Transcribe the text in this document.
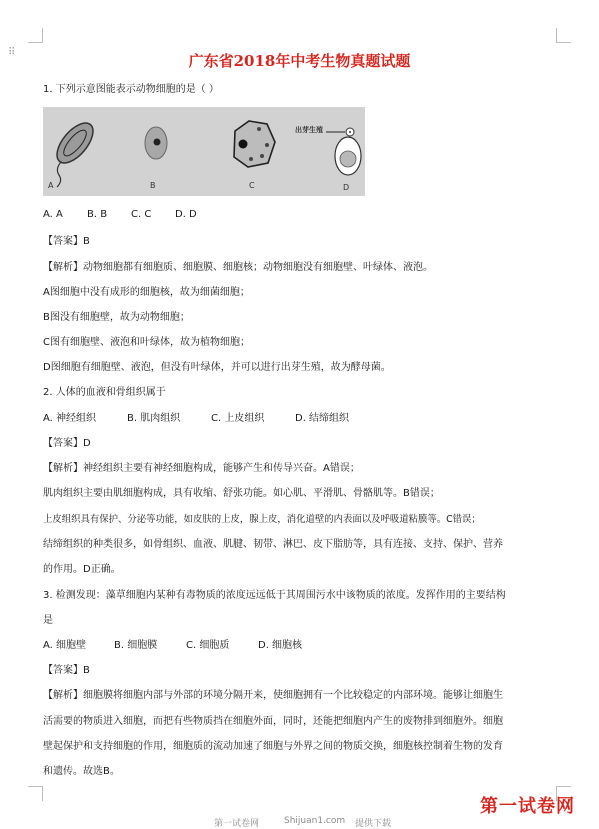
⠿	广东省2018年中考生物真题试题
1. 下列示意图能表示动物细胞的是（ ）
A	B	C	D
出芽生殖
A. A B. B C. C D. D
【答案】B
【解析】动物细胞都有细胞质、细胞膜、细胞核；动物细胞没有细胞壁、叶绿体、液泡。
A图细胞中没有成形的细胞核，故为细菌细胞；
B图没有细胞壁，故为动物细胞；
C图有细胞壁、液泡和叶绿体，故为植物细胞；
D图细胞有细胞壁、液泡，但没有叶绿体，并可以进行出芽生殖，故为酵母菌。
2. 人体的血液和骨组织属于
A. 神经组织	B. 肌肉组织	C. 上皮组织	D. 结缔组织
【答案】D
【解析】神经组织主要有神经细胞构成，能够产生和传导兴奋。A错误；
肌肉组织主要由肌细胞构成，具有收缩、舒张功能。如心肌、平滑肌、骨骼肌等。B错误；
上皮组织具有保护、分泌等功能，如皮肤的上皮，腺上皮，消化道壁的内表面以及呼吸道粘膜等。C错误；
结缔组织的种类很多，如骨组织、血液、肌腱、韧带、淋巴、皮下脂肪等，具有连接、支持、保护、营养
的作用。D正确。
3. 检测发现：藻草细胞内某种有毒物质的浓度远远低于其周围污水中该物质的浓度。发挥作用的主要结构
是
A. 细胞壁	B. 细胞膜	C. 细胞质	D. 细胞核
【答案】B
【解析】细胞膜将细胞内部与外部的环境分隔开来，使细胞拥有一个比较稳定的内部环境。能够让细胞生
活需要的物质进入细胞，而把有些物质挡在细胞外面，同时，还能把细胞内产生的废物排到细胞外。细胞
壁起保护和支持细胞的作用，细胞质的流动加速了细胞与外界之间的物质交换，细胞核控制着生物的发育
和遗传。故选B。
第一试卷网	Shijuan1.com 提供下载
第一试卷网
